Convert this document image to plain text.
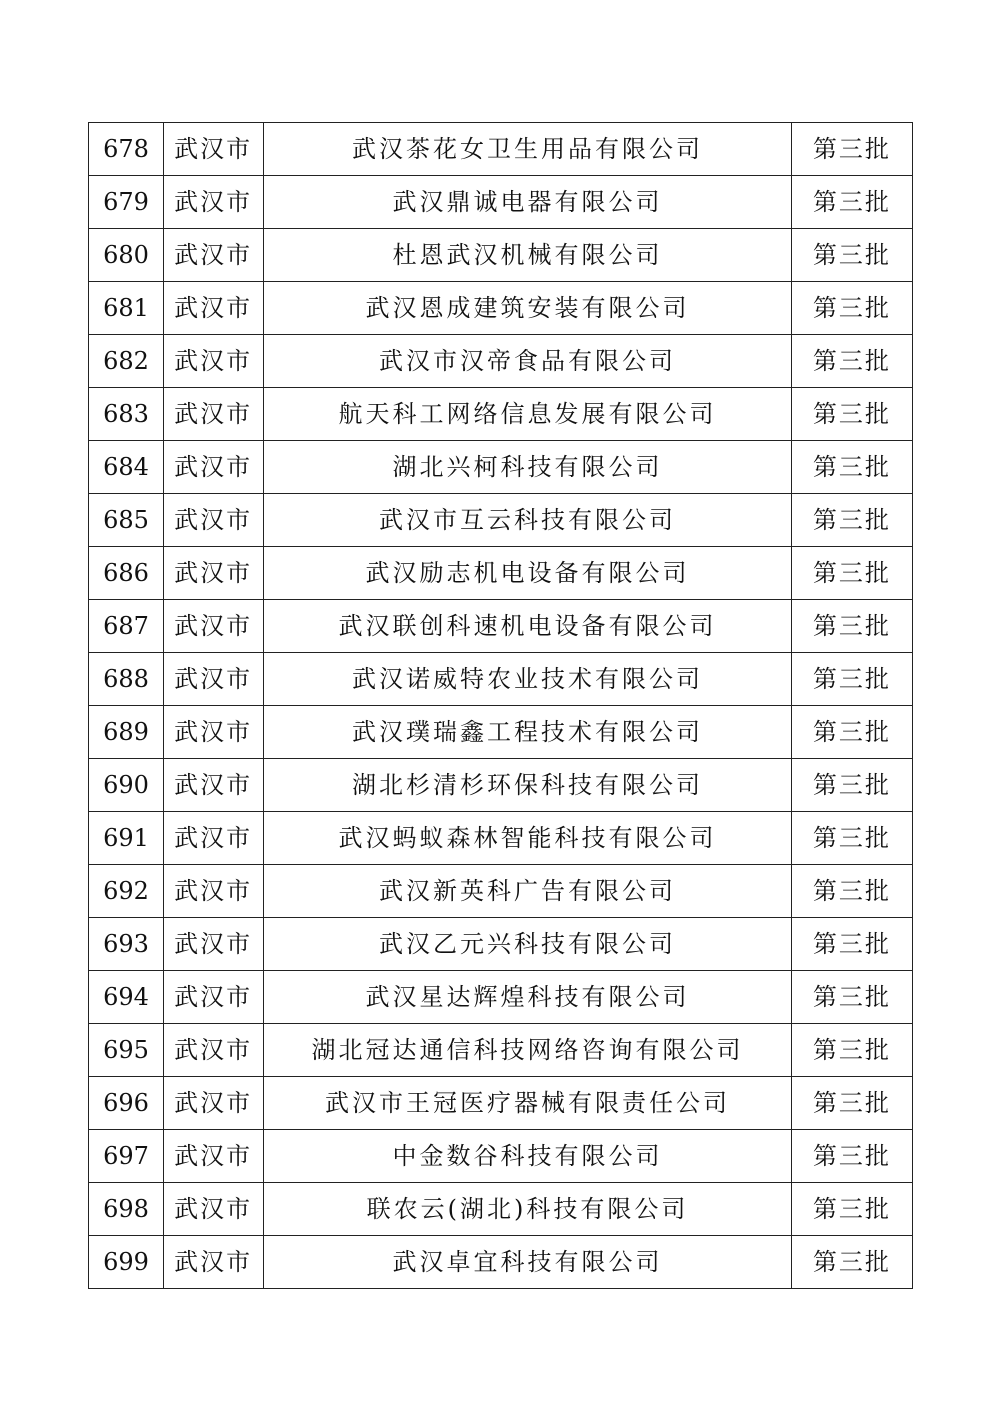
678	武汉市	武汉茶花女卫生用品有限公司	第三批
679	武汉市	武汉鼎诚电器有限公司	第三批
680	武汉市	杜恩武汉机械有限公司	第三批
681	武汉市	武汉恩成建筑安装有限公司	第三批
682	武汉市	武汉市汉帝食品有限公司	第三批
683	武汉市	航天科工网络信息发展有限公司	第三批
684	武汉市	湖北兴柯科技有限公司	第三批
685	武汉市	武汉市互云科技有限公司	第三批
686	武汉市	武汉励志机电设备有限公司	第三批
687	武汉市	武汉联创科速机电设备有限公司	第三批
688	武汉市	武汉诺威特农业技术有限公司	第三批
689	武汉市	武汉璞瑞鑫工程技术有限公司	第三批
690	武汉市	湖北杉清杉环保科技有限公司	第三批
691	武汉市	武汉蚂蚁森林智能科技有限公司	第三批
692	武汉市	武汉新英科广告有限公司	第三批
693	武汉市	武汉乙元兴科技有限公司	第三批
694	武汉市	武汉星达辉煌科技有限公司	第三批
695	武汉市	湖北冠达通信科技网络咨询有限公司	第三批
696	武汉市	武汉市王冠医疗器械有限责任公司	第三批
697	武汉市	中金数谷科技有限公司	第三批
698	武汉市	联农云(湖北)科技有限公司	第三批
699	武汉市	武汉卓宜科技有限公司	第三批
